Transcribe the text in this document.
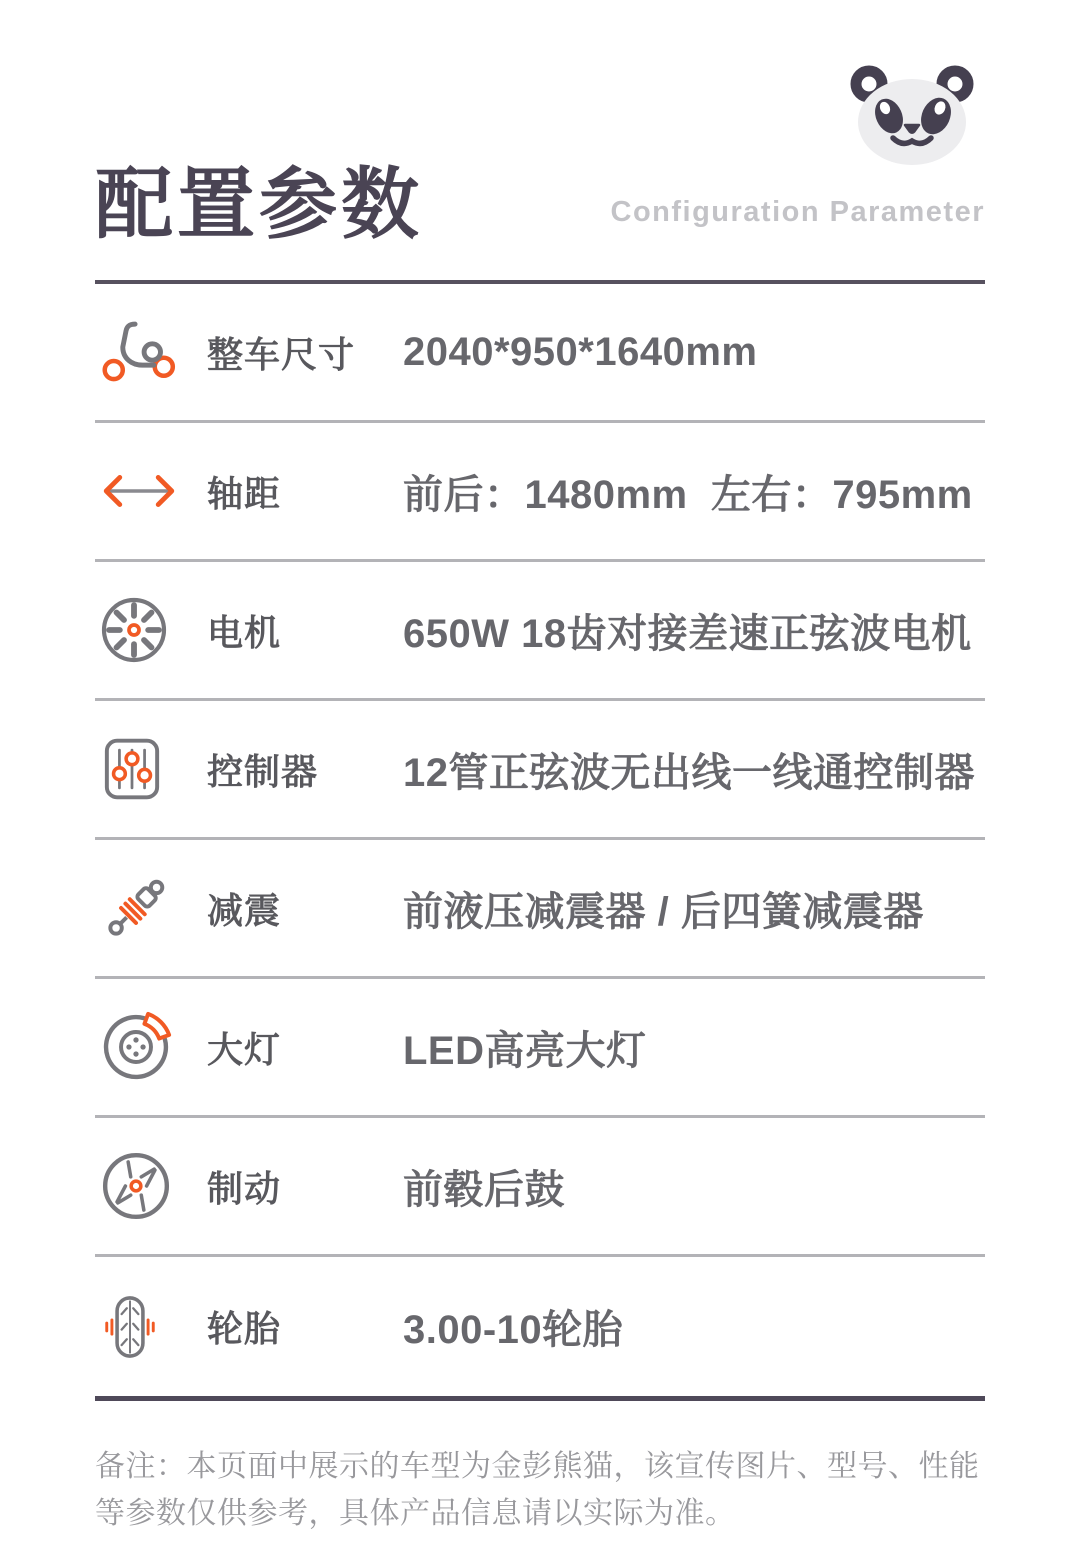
配置参数	Configuration Parameter
整车尺寸	2040*950*1640mm
轴距	前后：1480mm  左右：795mm
电机	650W 18齿对接差速正弦波电机
控制器	12管正弦波无出线一线通控制器
减震	前液压减震器 / 后四簧减震器
大灯	LED高亮大灯
制动	前毂后鼓
轮胎	3.00-10轮胎
备注：本页面中展示的车型为金彭熊猫，该宣传图片、型号、性能等参数仅供参考，具体产品信息请以实际为准。
